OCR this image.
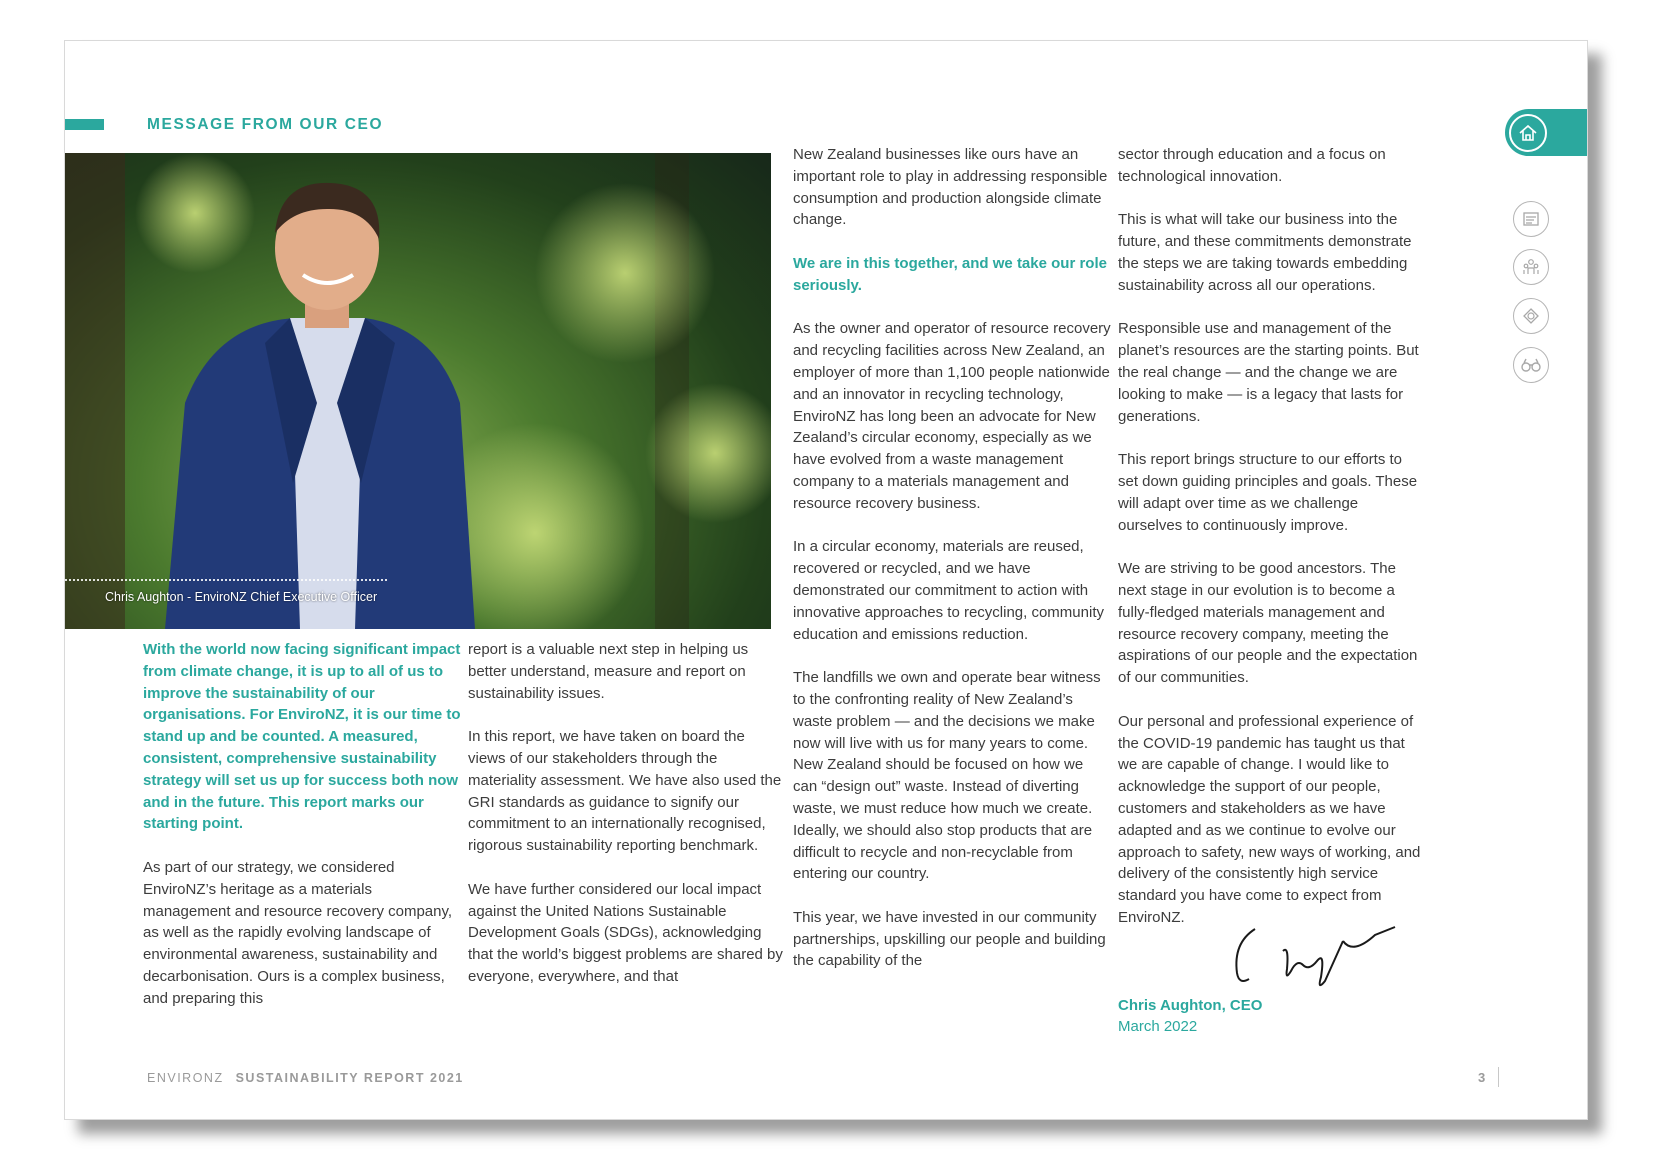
MESSAGE FROM OUR CEO
Chris Aughton - EnviroNZ Chief Executive Officer

With the world now facing significant impact from climate change, it is up to all of us to improve the sustainability of our organisations. For EnviroNZ, it is our time to stand up and be counted. A measured, consistent, comprehensive sustainability strategy will set us up for success both now and in the future. This report marks our starting point.

As part of our strategy, we considered EnviroNZ’s heritage as a materials management and resource recovery company, as well as the rapidly evolving landscape of environmental awareness, sustainability and decarbonisation. Ours is a complex business, and preparing this

report is a valuable next step in helping us better understand, measure and report on sustainability issues.

In this report, we have taken on board the views of our stakeholders through the materiality assessment. We have also used the GRI standards as guidance to signify our commitment to an internationally recognised, rigorous sustainability reporting benchmark.

We have further considered our local impact against the United Nations Sustainable Development Goals (SDGs), acknowledging that the world’s biggest problems are shared by everyone, everywhere, and that

New Zealand businesses like ours have an important role to play in addressing responsible consumption and production alongside climate change.

We are in this together, and we take our role seriously.

As the owner and operator of resource recovery and recycling facilities across New Zealand, an employer of more than 1,100 people nationwide and an innovator in recycling technology, EnviroNZ has long been an advocate for New Zealand’s circular economy, especially as we have evolved from a waste management company to a materials management and resource recovery business.

In a circular economy, materials are reused, recovered or recycled, and we have demonstrated our commitment to action with innovative approaches to recycling, community education and emissions reduction.

The landfills we own and operate bear witness to the confronting reality of New Zealand’s waste problem — and the decisions we make now will live with us for many years to come. New Zealand should be focused on how we can “design out” waste. Instead of diverting waste, we must reduce how much we create. Ideally, we should also stop products that are difficult to recycle and non-recyclable from entering our country.

This year, we have invested in our community partnerships, upskilling our people and building the capability of the

sector through education and a focus on technological innovation.

This is what will take our business into the future, and these commitments demonstrate the steps we are taking towards embedding sustainability across all our operations.

Responsible use and management of the planet’s resources are the starting points. But the real change — and the change we are looking to make — is a legacy that lasts for generations.

This report brings structure to our efforts to set down guiding principles and goals. These will adapt over time as we challenge ourselves to continuously improve.

We are striving to be good ancestors. The next stage in our evolution is to become a fully-fledged materials management and resource recovery company, meeting the aspirations of our people and the expectation of our communities.

Our personal and professional experience of the COVID-19 pandemic has taught us that we are capable of change. I would like to acknowledge the support of our people, customers and stakeholders as we have adapted and as we continue to evolve our approach to safety, new ways of working, and delivery of the consistently high service standard you have come to expect from EnviroNZ.

Chris Aughton, CEO
March 2022
ENVIRONZ SUSTAINABILITY REPORT 2021	3
